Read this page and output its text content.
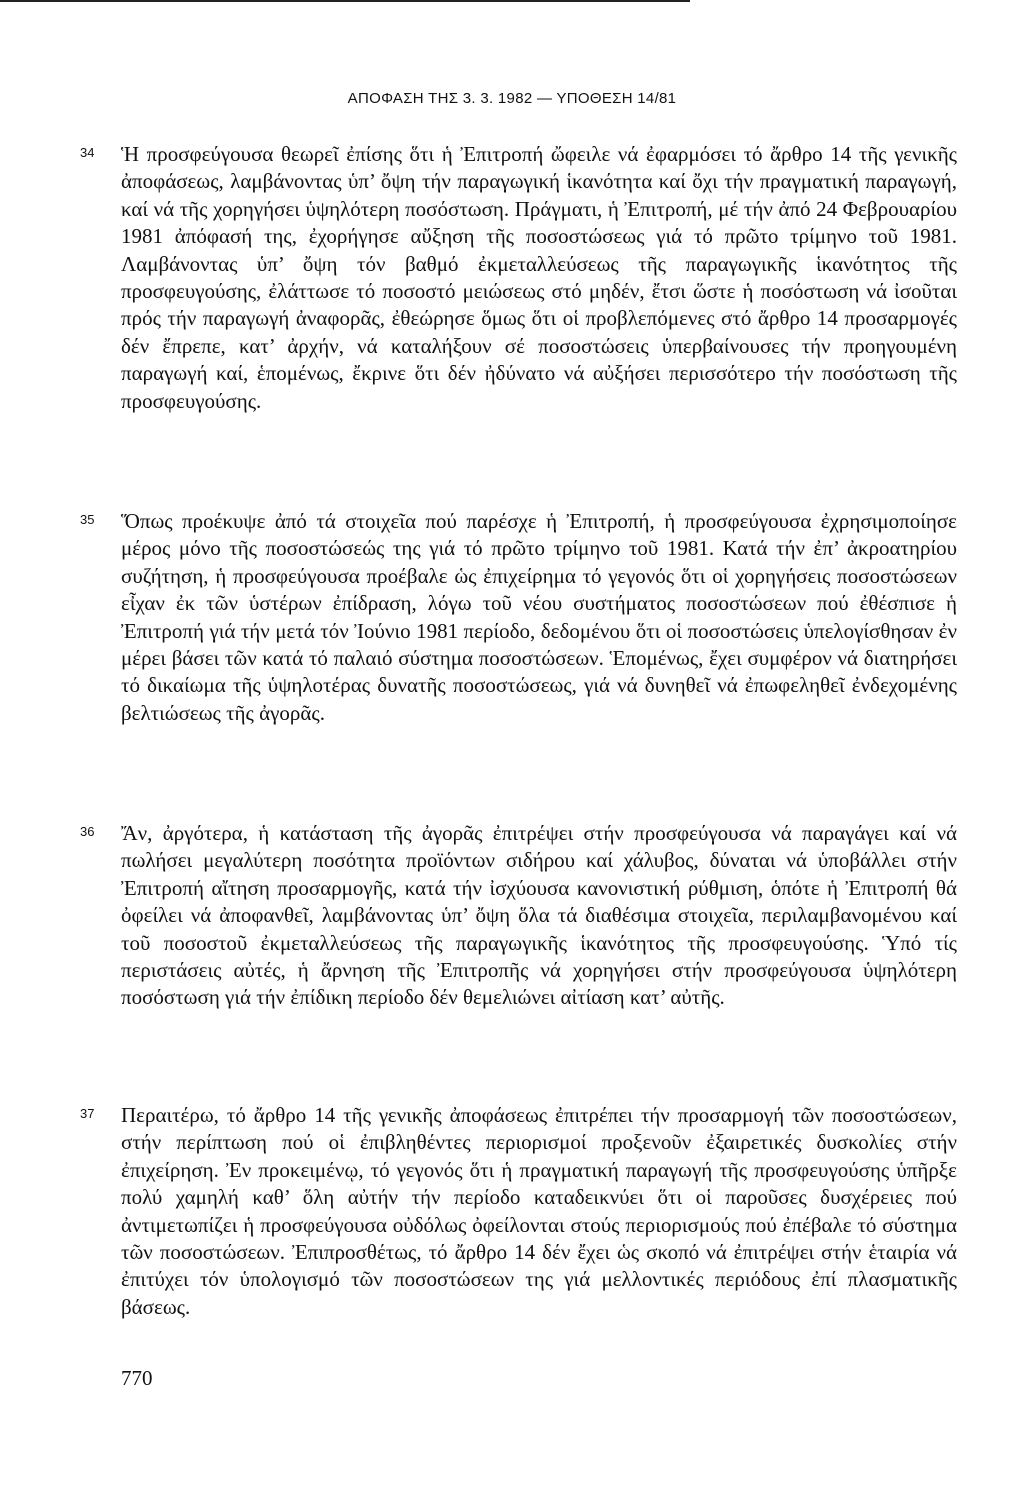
ΑΠΟΦΑΣΗ ΤΗΣ 3. 3. 1982 — ΥΠΟΘΕΣΗ 14/81
34 Ἡ προσφεύγουσα θεωρεῖ ἐπίσης ὅτι ἡ Ἐπιτροπή ὤφειλε νά ἐφαρμόσει τό ἄρθρο 14 τῆς γενικῆς ἀποφάσεως, λαμβάνοντας ὑπ’ ὄψη τήν παραγωγική ἱκανότητα καί ὄχι τήν πραγματική παραγωγή, καί νά τῆς χορηγήσει ὑψηλότερη ποσόστωση. Πράγματι, ἡ Ἐπιτροπή, μέ τήν ἀπό 24 Φεβρουαρίου 1981 ἀπόφασή της, ἐχορήγησε αὔξηση τῆς ποσοστώσεως γιά τό πρῶτο τρίμηνο τοῦ 1981. Λαμβάνοντας ὑπ’ ὄψη τόν βαθμό ἐκμεταλλεύσεως τῆς παραγωγικῆς ἱκανότητος τῆς προσφευγούσης, ἐλάττωσε τό ποσοστό μειώσεως στό μηδέν, ἔτσι ὥστε ἡ ποσόστωση νά ἰσοῦται πρός τήν παραγωγή ἀναφορᾶς, ἐθεώρησε ὅμως ὅτι οἱ προβλεπόμενες στό ἄρθρο 14 προσαρμογές δέν ἔπρεπε, κατ’ ἀρχήν, νά καταλήξουν σέ ποσοστώσεις ὑπερβαίνουσες τήν προηγουμένη παραγωγή καί, ἑπομένως, ἔκρινε ὅτι δέν ἠδύνατο νά αὐξήσει περισσότερο τήν ποσόστωση τῆς προσφευγούσης.

35 Ὅπως προέκυψε ἀπό τά στοιχεῖα πού παρέσχε ἡ Ἐπιτροπή, ἡ προσφεύγουσα ἐχρησιμοποίησε μέρος μόνο τῆς ποσοστώσεώς της γιά τό πρῶτο τρίμηνο τοῦ 1981. Κατά τήν ἐπ’ ἀκροατηρίου συζήτηση, ἡ προσφεύγουσα προέβαλε ὡς ἐπιχείρημα τό γεγονός ὅτι οἱ χορηγήσεις ποσοστώσεων εἶχαν ἐκ τῶν ὑστέρων ἐπίδραση, λόγω τοῦ νέου συστήματος ποσοστώσεων πού ἐθέσπισε ἡ Ἐπιτροπή γιά τήν μετά τόν Ἰούνιο 1981 περίοδο, δεδομένου ὅτι οἱ ποσοστώσεις ὑπελογίσθησαν ἐν μέρει βάσει τῶν κατά τό παλαιό σύστημα ποσοστώσεων. Ἑπομένως, ἔχει συμφέρον νά διατηρήσει τό δικαίωμα τῆς ὑψηλοτέρας δυνατῆς ποσοστώσεως, γιά νά δυνηθεῖ νά ἐπωφεληθεῖ ἐνδεχομένης βελτιώσεως τῆς ἀγορᾶς.

36 Ἄν, ἀργότερα, ἡ κατάσταση τῆς ἀγορᾶς ἐπιτρέψει στήν προσφεύγουσα νά παραγάγει καί νά πωλήσει μεγαλύτερη ποσότητα προϊόντων σιδήρου καί χάλυβος, δύναται νά ὑποβάλλει στήν Ἐπιτροπή αἴτηση προσαρμογῆς, κατά τήν ἰσχύουσα κανονιστική ρύθμιση, ὁπότε ἡ Ἐπιτροπή θά ὀφείλει νά ἀποφανθεῖ, λαμβάνοντας ὑπ’ ὄψη ὅλα τά διαθέσιμα στοιχεῖα, περιλαμβανομένου καί τοῦ ποσοστοῦ ἐκμεταλλεύσεως τῆς παραγωγικῆς ἱκανότητος τῆς προσφευγούσης. Ὑπό τίς περιστάσεις αὐτές, ἡ ἄρνηση τῆς Ἐπιτροπῆς νά χορηγήσει στήν προσφεύγουσα ὑψηλότερη ποσόστωση γιά τήν ἐπίδικη περίοδο δέν θεμελιώνει αἰτίαση κατ’ αὐτῆς.

37 Περαιτέρω, τό ἄρθρο 14 τῆς γενικῆς ἀποφάσεως ἐπιτρέπει τήν προσαρμογή τῶν ποσοστώσεων, στήν περίπτωση πού οἱ ἐπιβληθέντες περιορισμοί προξενοῦν ἐξαιρετικές δυσκολίες στήν ἐπιχείρηση. Ἐν προκειμένῳ, τό γεγονός ὅτι ἡ πραγματική παραγωγή τῆς προσφευγούσης ὑπῆρξε πολύ χαμηλή καθ’ ὅλη αὐτήν τήν περίοδο καταδεικνύει ὅτι οἱ παροῦσες δυσχέρειες πού ἀντιμετωπίζει ἡ προσφεύγουσα οὐδόλως ὀφείλονται στούς περιορισμούς πού ἐπέβαλε τό σύστημα τῶν ποσοστώσεων. Ἐπιπροσθέτως, τό ἄρθρο 14 δέν ἔχει ὡς σκοπό νά ἐπιτρέψει στήν ἑταιρία νά ἐπιτύχει τόν ὑπολογισμό τῶν ποσοστώσεων της γιά μελλοντικές περιόδους ἐπί πλασματικῆς βάσεως.

770
